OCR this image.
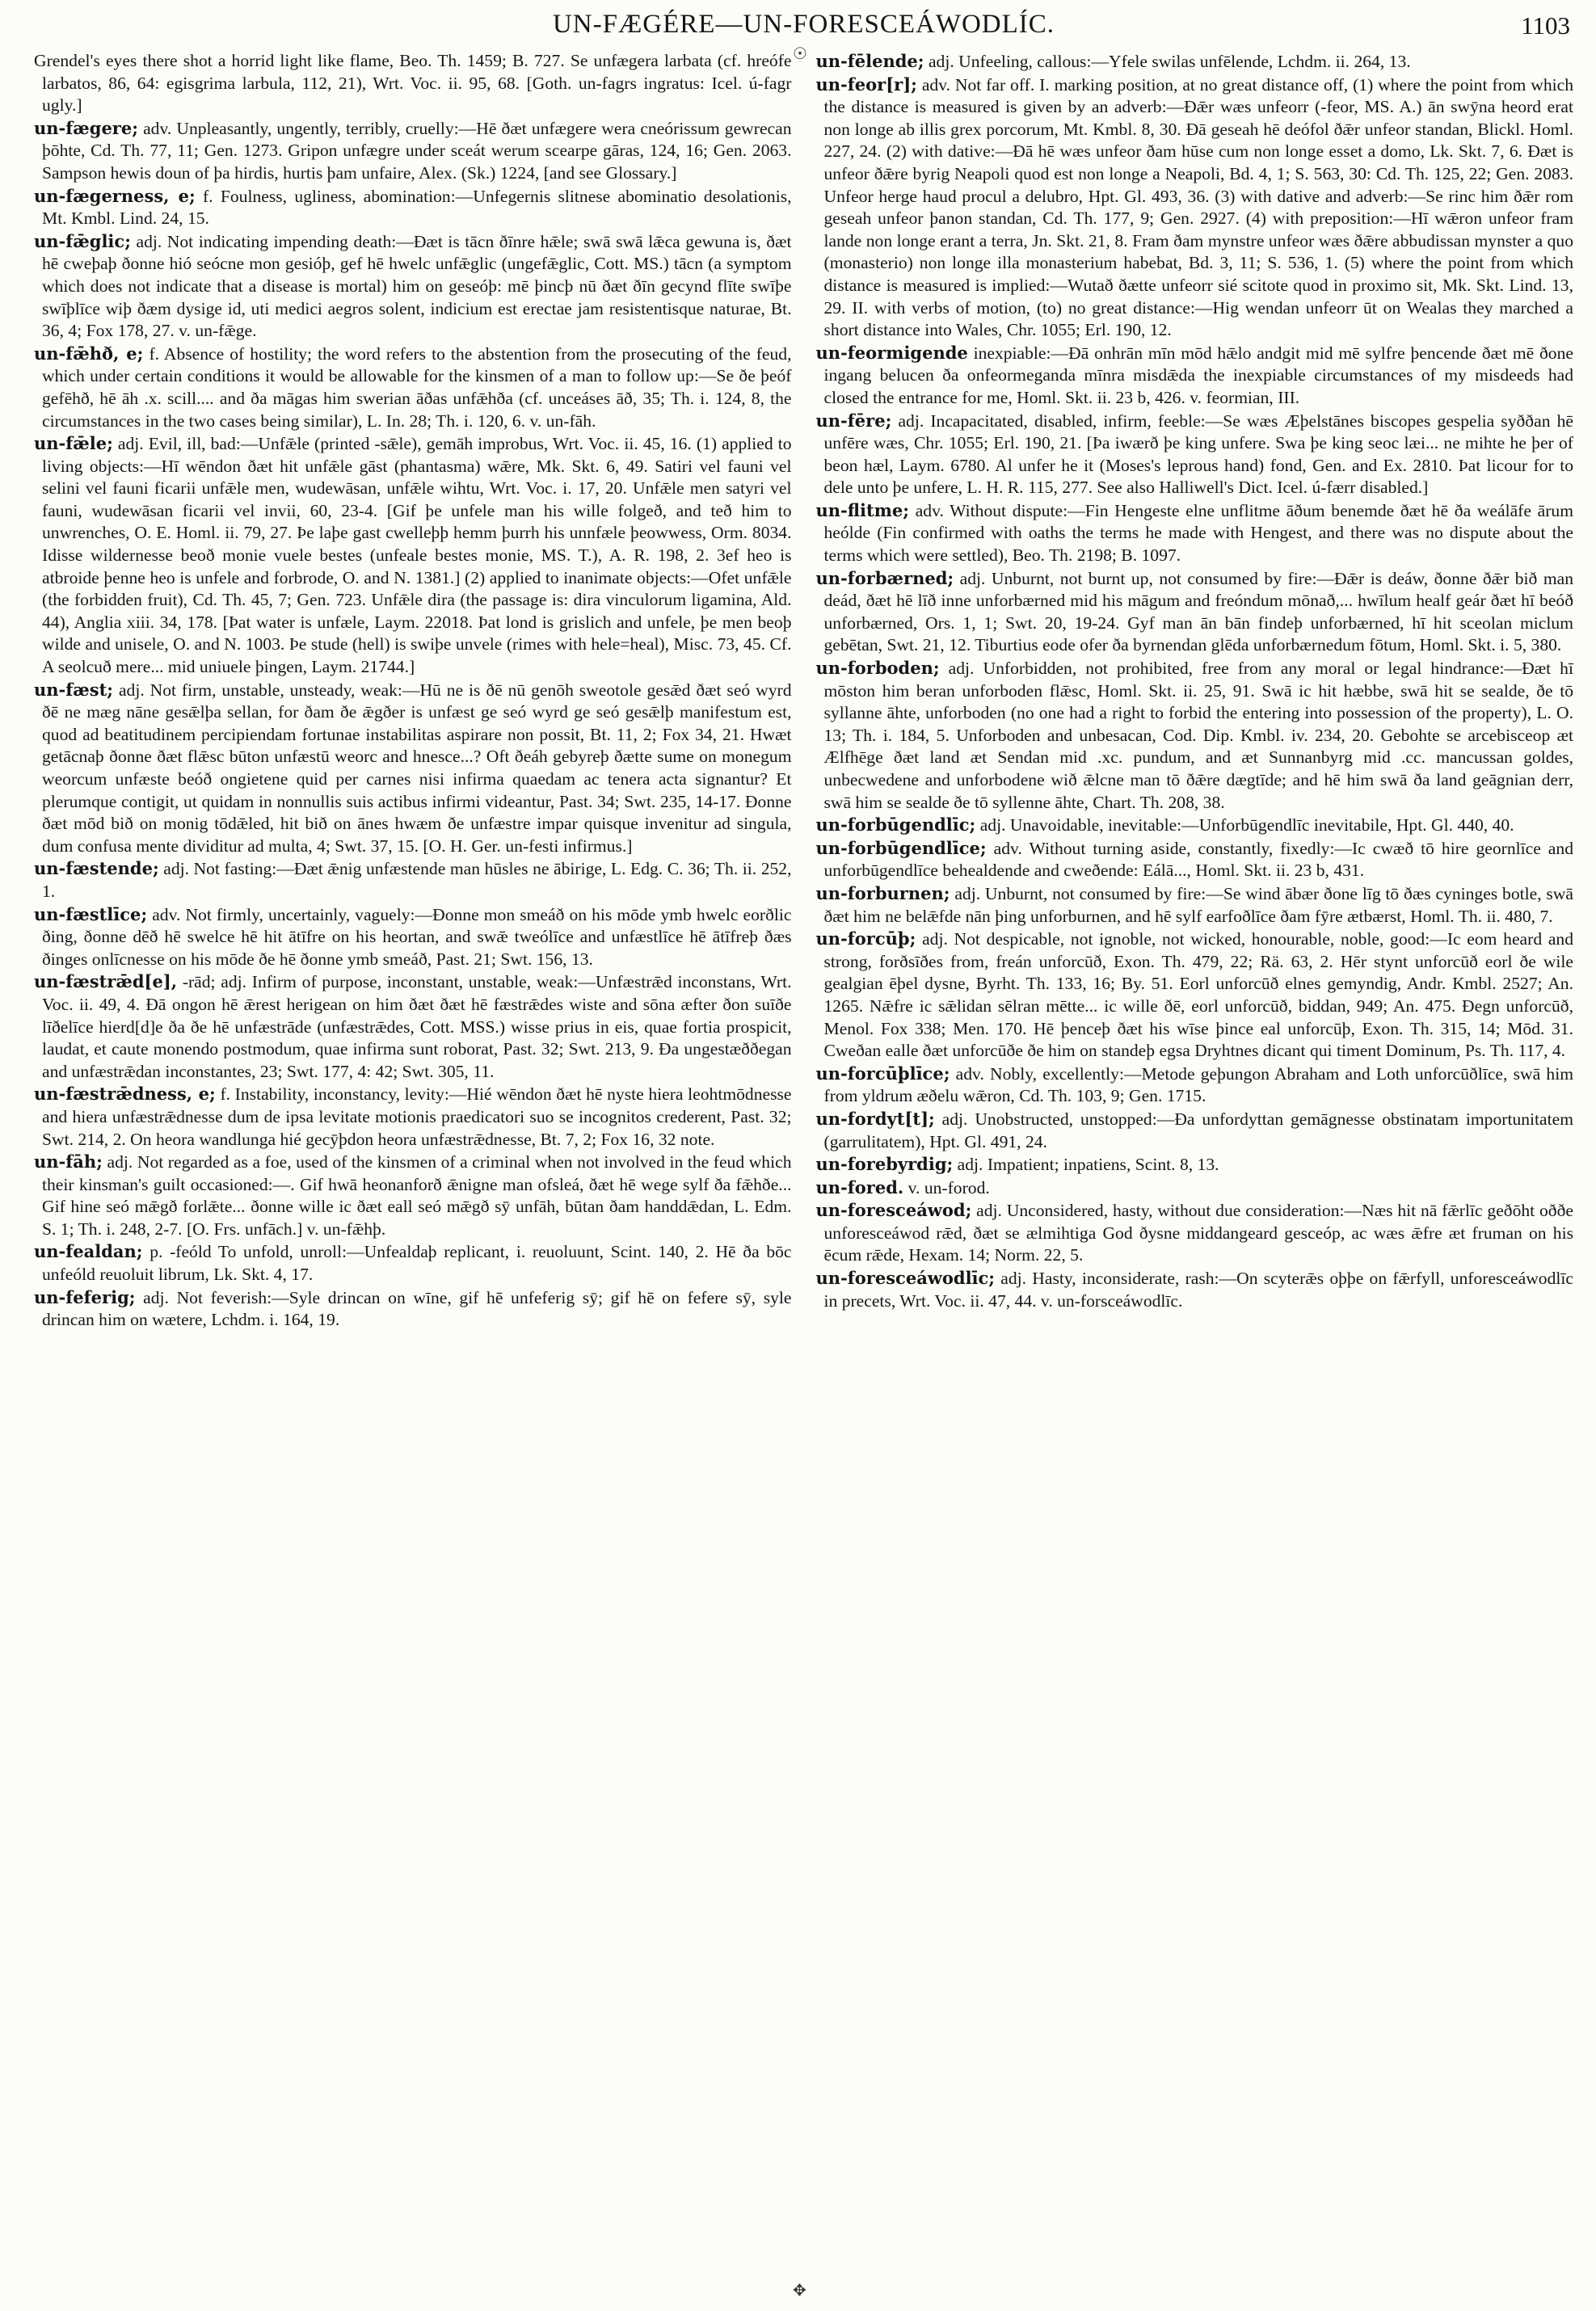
UN-FÆGÉRE—UN-FORESCEÁWODLÍC.	1103
☉

Grendel's eyes there shot a horrid light like flame, Beo. Th. 1459; B. 727. Se unfægera larbata (cf. hreófe larbatos, 86, 64: egisgrima larbula, 112, 21), Wrt. Voc. ii. 95, 68. [Goth. un-fagrs ingratus: Icel. ú-fagr ugly.]

un-fægere; adv. Unpleasantly, ungently, terribly, cruelly:—Hē ðæt unfægere wera cneórissum gewrecan þōhte, Cd. Th. 77, 11; Gen. 1273. Gripon unfægre under sceát werum scearpe gāras, 124, 16; Gen. 2063. Sampson hewis doun of þa hirdis, hurtis þam unfaire, Alex. (Sk.) 1224, [and see Glossary.]

un-fægerness, e; f. Foulness, ugliness, abomination:—Unfegernis slitnese abominatio desolationis, Mt. Kmbl. Lind. 24, 15.

un-fǣglic; adj. Not indicating impending death:—Ðæt is tācn ðīnre hǣle; swā swā lǣca gewuna is, ðæt hē cweþaþ ðonne hió seócne mon gesióþ, gef hē hwelc unfǣglic (ungefǣglic, Cott. MS.) tācn (a symptom which does not indicate that a disease is mortal) him on geseóþ: mē þincþ nū ðæt ðīn gecynd flīte swīþe swīþlīce wiþ ðæm dysige id, uti medici aegros solent, indicium est erectae jam resistentisque naturae, Bt. 36, 4; Fox 178, 27. v. un-fǣge.

un-fǣhð, e; f. Absence of hostility; the word refers to the abstention from the prosecuting of the feud, which under certain conditions it would be allowable for the kinsmen of a man to follow up:—Se ðe þeóf gefēhð, hē āh .x. scill.... and ða māgas him swerian āðas unfǣhða (cf. unceáses āð, 35; Th. i. 124, 8, the circumstances in the two cases being similar), L. In. 28; Th. i. 120, 6. v. un-fāh.

un-fǣle; adj. Evil, ill, bad:—Unfǣle (printed -sǣle), gemāh improbus, Wrt. Voc. ii. 45, 16. (1) applied to living objects:—Hī wēndon ðæt hit unfǣle gāst (phantasma) wǣre, Mk. Skt. 6, 49. Satiri vel fauni vel selini vel fauni ficarii unfǣle men, wudewāsan, unfǣle wihtu, Wrt. Voc. i. 17, 20. Unfǣle men satyri vel fauni, wudewāsan ficarii vel invii, 60, 23-4. [Gif þe unfele man his wille folgeð, and teð him to unwrenches, O. E. Homl. ii. 79, 27. Þe laþe gast cwelleþþ hemm þurrh his unnfæle þeowwess, Orm. 8034. Idisse wildernesse beoð monie vuele bestes (unfeale bestes monie, MS. T.), A. R. 198, 2. 3ef heo is atbroide þenne heo is unfele and forbrode, O. and N. 1381.] (2) applied to inanimate objects:—Ofet unfǣle (the forbidden fruit), Cd. Th. 45, 7; Gen. 723. Unfǣle dira (the passage is: dira vinculorum ligamina, Ald. 44), Anglia xiii. 34, 178. [Þat water is unfæle, Laym. 22018. Þat lond is grislich and unfele, þe men beoþ wilde and unisele, O. and N. 1003. Þe stude (hell) is swiþe unvele (rimes with hele=heal), Misc. 73, 45. Cf. A seolcuð mere... mid uniuele þingen, Laym. 21744.]

un-fæst; adj. Not firm, unstable, unsteady, weak:—Hū ne is ðē nū genōh sweotole gesǣd ðæt seó wyrd ðē ne mæg nāne gesǣlþa sellan, for ðam ðe ǣgðer is unfæst ge seó wyrd ge seó gesǣlþ manifestum est, quod ad beatitudinem percipiendam fortunae instabilitas aspirare non possit, Bt. 11, 2; Fox 34, 21. Hwæt getācnaþ ðonne ðæt flǣsc būton unfæstū weorc and hnesce...? Oft ðeáh gebyreþ ðætte sume on monegum weorcum unfæste beóð ongietene quid per carnes nisi infirma quaedam ac tenera acta signantur? Et plerumque contigit, ut quidam in nonnullis suis actibus infirmi videantur, Past. 34; Swt. 235, 14-17. Ðonne ðæt mōd bið on monig tōdǣled, hit bið on ānes hwæm ðe unfæstre impar quisque invenitur ad singula, dum confusa mente dividitur ad multa, 4; Swt. 37, 15. [O. H. Ger. un-festi infirmus.]

un-fæstende; adj. Not fasting:—Ðæt ǣnig unfæstende man hūsles ne ābirige, L. Edg. C. 36; Th. ii. 252, 1.

un-fæstlīce; adv. Not firmly, uncertainly, vaguely:—Ðonne mon smeáð on his mōde ymb hwelc eorðlic ðing, ðonne dēð hē swelce hē hit ātīfre on his heortan, and swǣ tweólīce and unfæstlīce hē ātīfreþ ðæs ðinges onlīcnesse on his mōde ðe hē ðonne ymb smeáð, Past. 21; Swt. 156, 13.

un-fæstrǣd[e], -rād; adj. Infirm of purpose, inconstant, unstable, weak:—Unfæstrǣd inconstans, Wrt. Voc. ii. 49, 4. Ðā ongon hē ǣrest herigean on him ðæt ðæt hē fæstrǣdes wiste and sōna æfter ðon suīðe līðelīce hierd[d]e ða ðe hē unfæstrāde (unfæstrǣdes, Cott. MSS.) wisse prius in eis, quae fortia prospicit, laudat, et caute monendo postmodum, quae infirma sunt roborat, Past. 32; Swt. 213, 9. Ða ungestæððegan and unfæstrǣdan inconstantes, 23; Swt. 177, 4: 42; Swt. 305, 11.

un-fæstrǣdness, e; f. Instability, inconstancy, levity:—Hié wēndon ðæt hē nyste hiera leohtmōdnesse and hiera unfæstrǣdnesse dum de ipsa levitate motionis praedicatori suo se incognitos crederent, Past. 32; Swt. 214, 2. On heora wandlunga hié gecȳþdon heora unfæstrǣdnesse, Bt. 7, 2; Fox 16, 32 note.

un-fāh; adj. Not regarded as a foe, used of the kinsmen of a criminal when not involved in the feud which their kinsman's guilt occasioned:—. Gif hwā heonanforð ǣnigne man ofsleá, ðæt hē wege sylf ða fǣhðe... Gif hine seó mǣgð forlǣte... ðonne wille ic ðæt eall seó mǣgð sȳ unfāh, būtan ðam handdǣdan, L. Edm. S. 1; Th. i. 248, 2-7. [O. Frs. unfāch.] v. un-fǣhþ.

un-fealdan; p. -feóld To unfold, unroll:—Unfealdaþ replicant, i. reuoluunt, Scint. 140, 2. Hē ða bōc unfeóld reuoluit librum, Lk. Skt. 4, 17.

un-feferig; adj. Not feverish:—Syle drincan on wīne, gif hē unfeferig sȳ; gif hē on fefere sȳ, syle drincan him on wætere, Lchdm. i. 164, 19.

un-fēlende; adj. Unfeeling, callous:—Yfele swilas unfēlende, Lchdm. ii. 264, 13.

un-feor[r]; adv. Not far off. I. marking position, at no great distance off, (1) where the point from which the distance is measured is given by an adverb:—Ðǣr wæs unfeorr (-feor, MS. A.) ān swȳna heord erat non longe ab illis grex porcorum, Mt. Kmbl. 8, 30. Ðā geseah hē deófol ðǣr unfeor standan, Blickl. Homl. 227, 24. (2) with dative:—Ðā hē wæs unfeor ðam hūse cum non longe esset a domo, Lk. Skt. 7, 6. Ðæt is unfeor ðǣre byrig Neapoli quod est non longe a Neapoli, Bd. 4, 1; S. 563, 30: Cd. Th. 125, 22; Gen. 2083. Unfeor herge haud procul a delubro, Hpt. Gl. 493, 36. (3) with dative and adverb:—Se rinc him ðǣr rom geseah unfeor þanon standan, Cd. Th. 177, 9; Gen. 2927. (4) with preposition:—Hī wǣron unfeor fram lande non longe erant a terra, Jn. Skt. 21, 8. Fram ðam mynstre unfeor wæs ðǣre abbudissan mynster a quo (monasterio) non longe illa monasterium habebat, Bd. 3, 11; S. 536, 1. (5) where the point from which distance is measured is implied:—Wutað ðætte unfeorr sié scitote quod in proximo sit, Mk. Skt. Lind. 13, 29. II. with verbs of motion, (to) no great distance:—Hig wendan unfeorr ūt on Wealas they marched a short distance into Wales, Chr. 1055; Erl. 190, 12.

un-feormigende inexpiable:—Ðā onhrān mīn mōd hǣlo andgit mid mē sylfre þencende ðæt mē ðone ingang belucen ða onfeormeganda mīnra misdǣda the inexpiable circumstances of my misdeeds had closed the entrance for me, Homl. Skt. ii. 23 b, 426. v. feormian, III.

un-fēre; adj. Incapacitated, disabled, infirm, feeble:—Se wæs Æþelstānes biscopes gespelia syððan hē unfēre wæs, Chr. 1055; Erl. 190, 21. [Þa iwærð þe king unfere. Swa þe king seoc læi... ne mihte he þer of beon hæl, Laym. 6780. Al unfer he it (Moses's leprous hand) fond, Gen. and Ex. 2810. Þat licour for to dele unto þe unfere, L. H. R. 115, 277. See also Halliwell's Dict. Icel. ú-færr disabled.]

un-flitme; adv. Without dispute:—Fin Hengeste elne unflitme āðum benemde ðæt hē ða weálāfe ārum heólde (Fin confirmed with oaths the terms he made with Hengest, and there was no dispute about the terms which were settled), Beo. Th. 2198; B. 1097.

un-forbærned; adj. Unburnt, not burnt up, not consumed by fire:—Ðǣr is deáw, ðonne ðǣr bið man deád, ðæt hē līð inne unforbærned mid his māgum and freóndum mōnað,... hwīlum healf geár ðæt hī beóð unforbærned, Ors. 1, 1; Swt. 20, 19-24. Gyf man ān bān findeþ unforbærned, hī hit sceolan miclum gebētan, Swt. 21, 12. Tiburtius eode ofer ða byrnendan glēda unforbærnedum fōtum, Homl. Skt. i. 5, 380.

un-forboden; adj. Unforbidden, not prohibited, free from any moral or legal hindrance:—Ðæt hī mōston him beran unforboden flǣsc, Homl. Skt. ii. 25, 91. Swā ic hit hæbbe, swā hit se sealde, ðe tō syllanne āhte, unforboden (no one had a right to forbid the entering into possession of the property), L. O. 13; Th. i. 184, 5. Unforboden and unbesacan, Cod. Dip. Kmbl. iv. 234, 20. Gebohte se arcebisceop æt Ælfhēge ðæt land æt Sendan mid .xc. pundum, and æt Sunnanbyrg mid .cc. mancussan goldes, unbecwedene and unforbodene wið ǣlcne man tō ðǣre dægtīde; and hē him swā ða land geāgnian derr, swā him se sealde ðe tō syllenne āhte, Chart. Th. 208, 38.

un-forbūgendlīc; adj. Unavoidable, inevitable:—Unforbūgendlīc inevitabile, Hpt. Gl. 440, 40.

un-forbūgendlīce; adv. Without turning aside, constantly, fixedly:—Ic cwæð tō hire geornlīce and unforbūgendlīce behealdende and cweðende: Eálā..., Homl. Skt. ii. 23 b, 431.

un-forburnen; adj. Unburnt, not consumed by fire:—Se wind ābær ðone līg tō ðæs cyninges botle, swā ðæt him ne belǣfde nān þing unforburnen, and hē sylf earfoðlīce ðam fȳre ætbærst, Homl. Th. ii. 480, 7.

un-forcūþ; adj. Not despicable, not ignoble, not wicked, honourable, noble, good:—Ic eom heard and strong, forðsīðes from, freán unforcūð, Exon. Th. 479, 22; Rä. 63, 2. Hēr stynt unforcūð eorl ðe wile gealgian ēþel dysne, Byrht. Th. 133, 16; By. 51. Eorl unforcūð elnes gemyndig, Andr. Kmbl. 2527; An. 1265. Nǣfre ic sǣlidan sēlran mētte... ic wille ðē, eorl unforcūð, biddan, 949; An. 475. Ðegn unforcūð, Menol. Fox 338; Men. 170. Hē þenceþ ðæt his wīse þince eal unforcūþ, Exon. Th. 315, 14; Mōd. 31. Cweðan ealle ðæt unforcūðe ðe him on standeþ egsa Dryhtnes dicant qui timent Dominum, Ps. Th. 117, 4.

un-forcūþlīce; adv. Nobly, excellently:—Metode geþungon Abraham and Loth unforcūðlīce, swā him from yldrum æðelu wǣron, Cd. Th. 103, 9; Gen. 1715.

un-fordyt[t]; adj. Unobstructed, unstopped:—Ða unfordyttan gemāgnesse obstinatam importunitatem (garrulitatem), Hpt. Gl. 491, 24.

un-forebyrdig; adj. Impatient; inpatiens, Scint. 8, 13.

un-fored. v. un-forod.

un-foresceáwod; adj. Unconsidered, hasty, without due consideration:—Næs hit nā fǣrlīc geðōht oððe unforesceáwod rǣd, ðæt se ælmihtiga God ðysne middangeard gesceóp, ac wæs ǣfre æt fruman on his ēcum rǣde, Hexam. 14; Norm. 22, 5.

un-foresceáwodlīc; adj. Hasty, inconsiderate, rash:—On scyterǣs oþþe on fǣrfyll, unforesceáwodlīc in precets, Wrt. Voc. ii. 47, 44. v. un-forsceáwodlīc.

✥
